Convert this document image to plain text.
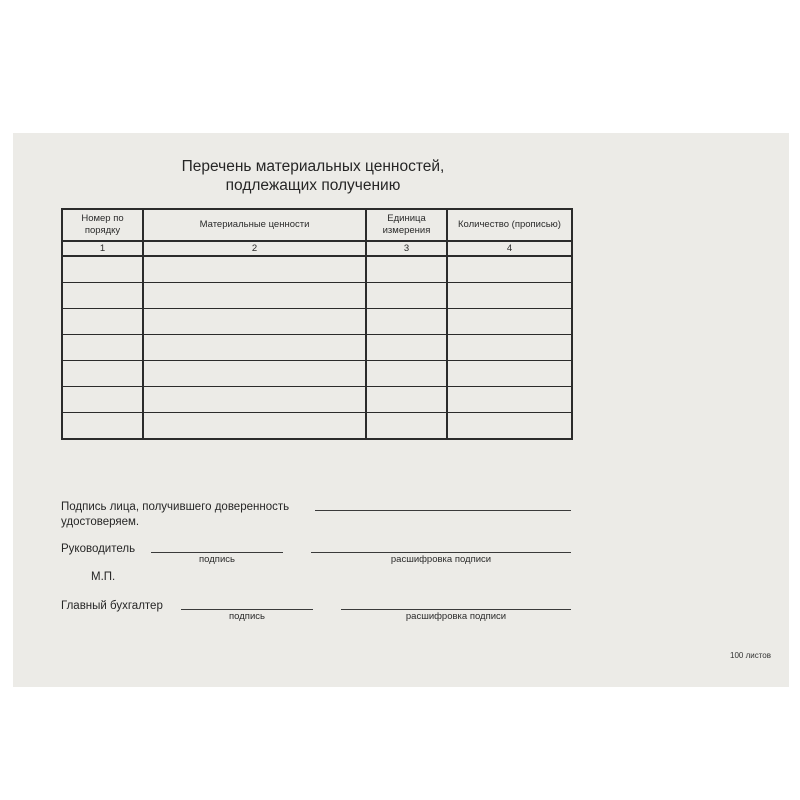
Перечень материальных ценностей,
подлежащих получению
Номер по порядку	Материальные ценности	Единица измерения	Количество (прописью)
1	2	3	4

Подпись лица, получившего доверенность
удостоверяем.
Руководитель
подпись	расшифровка подписи
М.П.
Главный бухгалтер
подпись	расшифровка подписи
100 листов
